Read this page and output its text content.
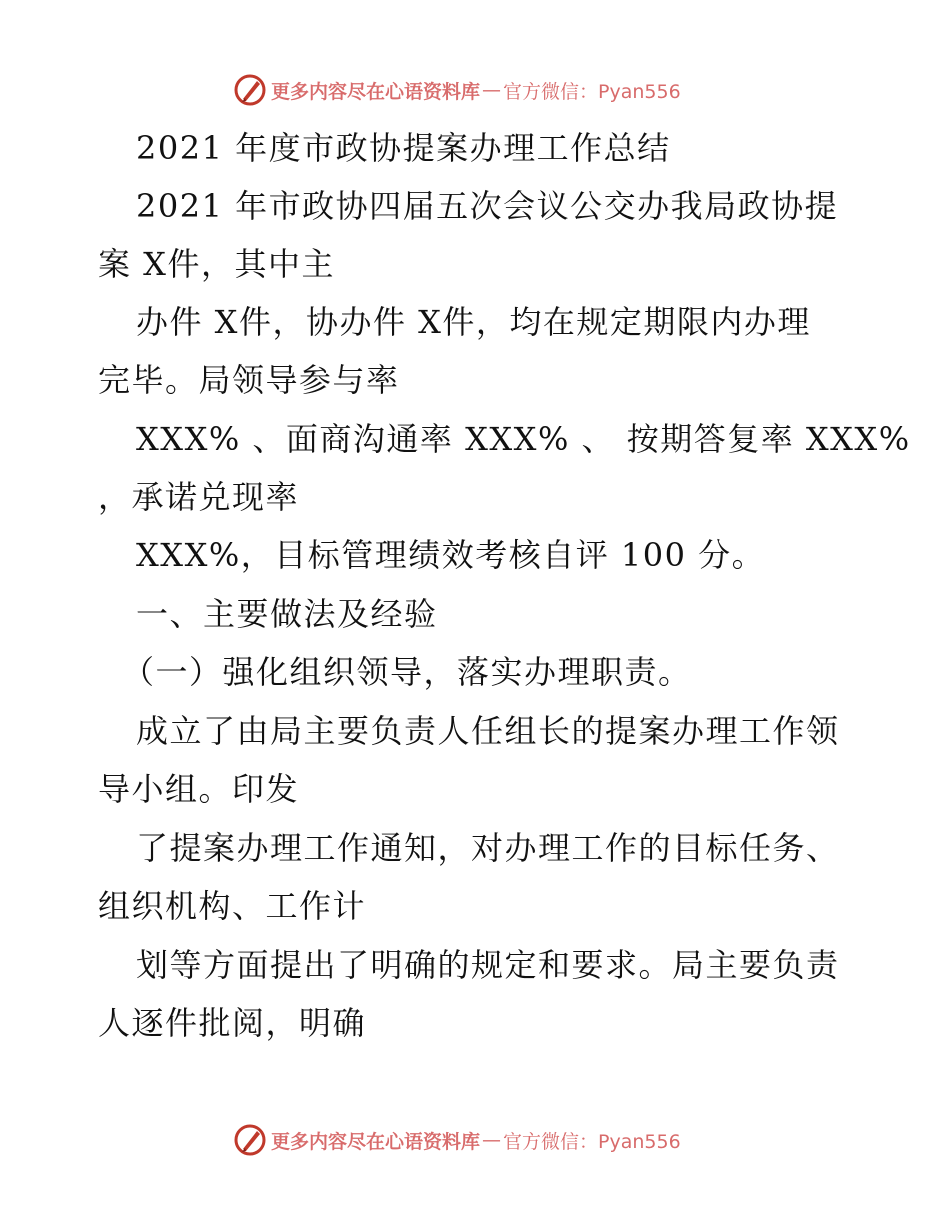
更多内容尽在心语资料库 — 官方微信：Pyan556
2021 年度市政协提案办理工作总结
2021 年市政协四届五次会议公交办我局政协提
案 X件，其中主
办件 X件，协办件 X件，均在规定期限内办理
完毕。局领导参与率
XXX% 、面商沟通率 XXX% 、 按期答复率 XXX%
，承诺兑现率
XXX%，目标管理绩效考核自评 100 分。
一、主要做法及经验
（一）强化组织领导，落实办理职责。
成立了由局主要负责人任组长的提案办理工作领
导小组。印发
了提案办理工作通知，对办理工作的目标任务、
组织机构、工作计
划等方面提出了明确的规定和要求。局主要负责
人逐件批阅，明确
更多内容尽在心语资料库 — 官方微信：Pyan556
